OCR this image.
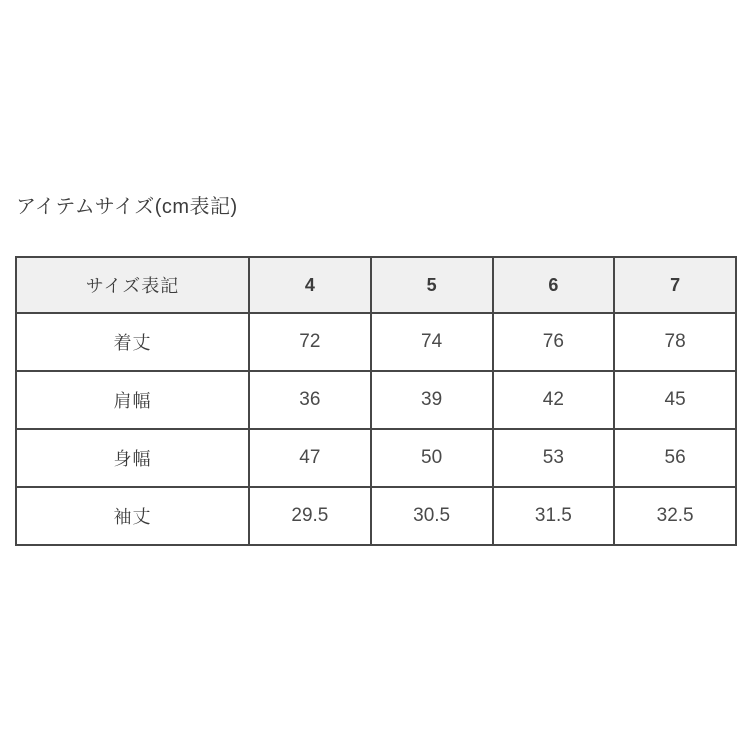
アイテムサイズ(cm表記)
サイズ表記	4	5	6	7
着丈	72	74	76	78
肩幅	36	39	42	45
身幅	47	50	53	56
袖丈	29.5	30.5	31.5	32.5
